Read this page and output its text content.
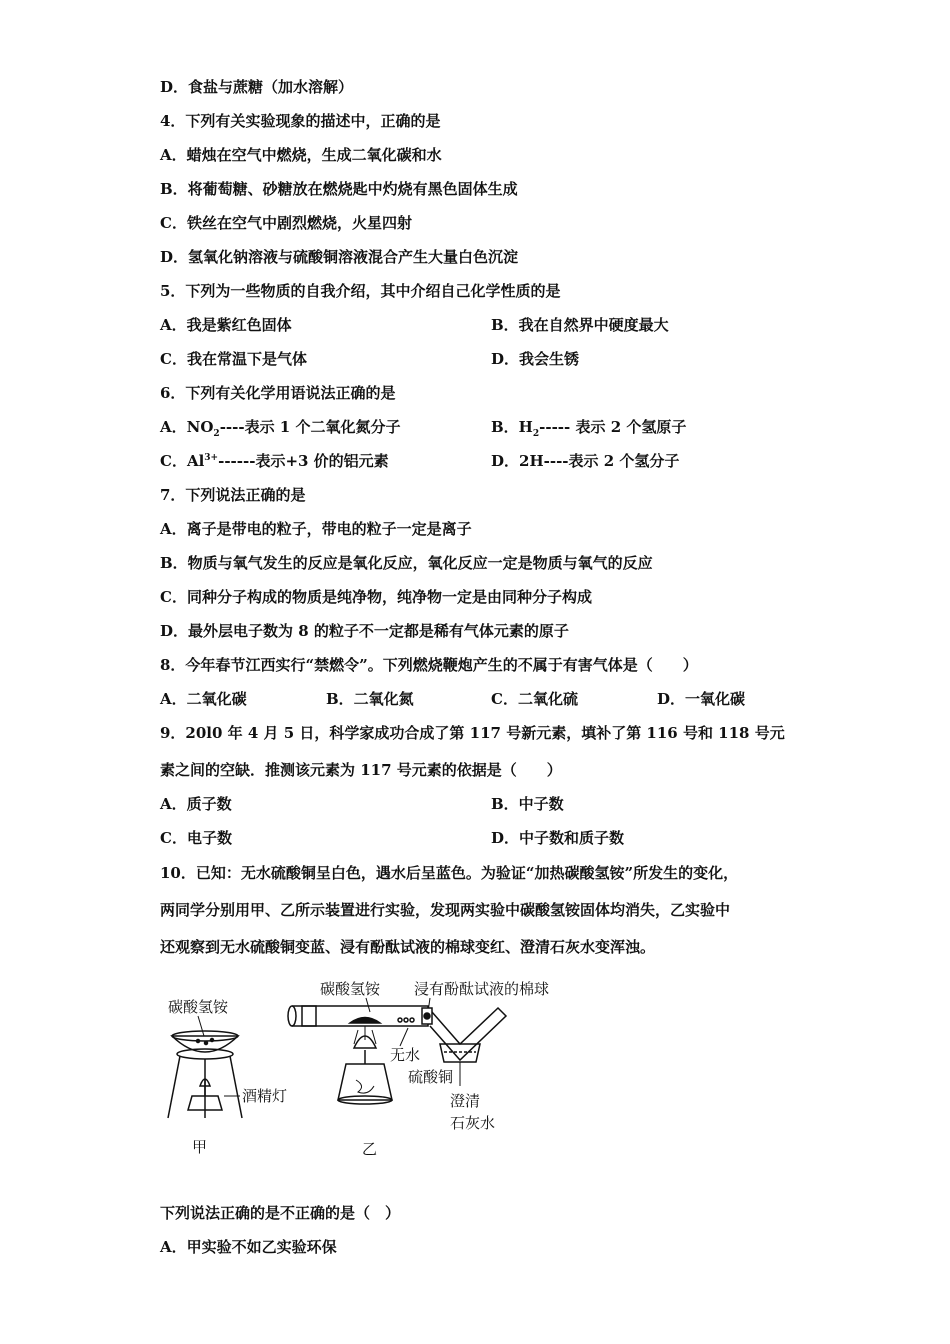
D．食盐与蔗糖（加水溶解）
4．下列有关实验现象的描述中，正确的是
A．蜡烛在空气中燃烧，生成二氧化碳和水
B．将葡萄糖、砂糖放在燃烧匙中灼烧有黑色固体生成
C．铁丝在空气中剧烈燃烧，火星四射
D．氢氧化钠溶液与硫酸铜溶液混合产生大量白色沉淀
5．下列为一些物质的自我介绍，其中介绍自己化学性质的是
A．我是紫红色固体	B．我在自然界中硬度最大
C．我在常温下是气体	D．我会生锈
6．下列有关化学用语说法正确的是
A．$NO_2----$表示 1 个二氧化氮分子	B．$H_2-----$ 表示 2 个氢原子
C．$Al^{3+}------$表示+3 价的铝元素	D．2H----表示 2 个氢分子
7．下列说法正确的是
A．离子是带电的粒子，带电的粒子一定是离子
B．物质与氧气发生的反应是氧化反应，氧化反应一定是物质与氧气的反应
C．同种分子构成的物质是纯净物，纯净物一定是由同种分子构成
D．最外层电子数为 8 的粒子不一定都是稀有气体元素的原子
8．今年春节江西实行“禁燃令”。下列燃烧鞭炮产生的不属于有害气体是（　　）
A．二氧化碳	B．二氧化氮	C．二氧化硫	D．一氧化碳
9．20l0 年 4 月 5 日，科学家成功合成了第 117 号新元素，填补了第 116 号和 118 号元
素之间的空缺．推测该元素为 117 号元素的依据是（　　）
A．质子数	B．中子数
C．电子数	D．中子数和质子数
10．已知：无水硫酸铜呈白色，遇水后呈蓝色。为验证“加热碳酸氢铵”所发生的变化，
两同学分别用甲、乙所示装置进行实验，发现两实验中碳酸氢铵固体均消失，乙实验中
还观察到无水硫酸铜变蓝、浸有酚酞试液的棉球变红、澄清石灰水变浑浊。
碳酸氢铵
酒精灯
甲
碳酸氢铵 浸有酚酞试液的棉球
澄清
石灰水
无水
硫酸铜
乙
下列说法正确的是不正确的是（　）
A．甲实验不如乙实验环保
